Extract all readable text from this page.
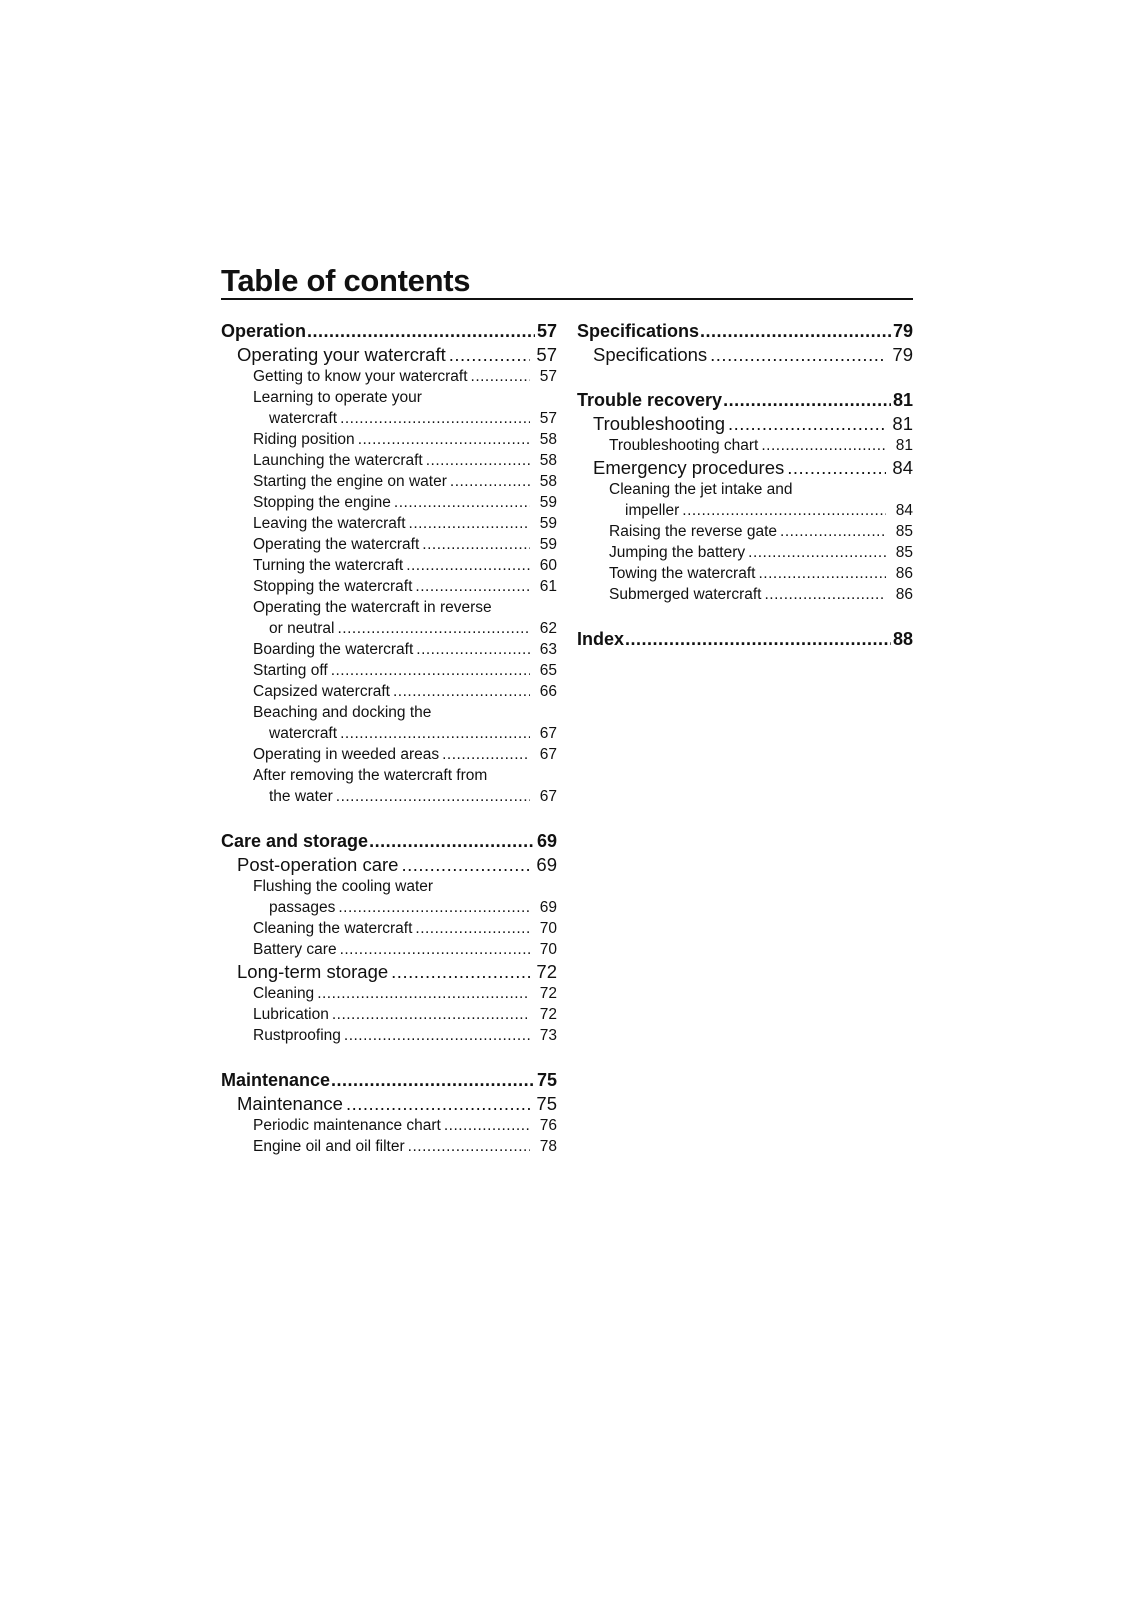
Table of contents
Operation .....	57
Operating your watercraft .....	57
Getting to know your watercraft .....	57
Learning to operate your
watercraft .....	57
Riding position .....	58
Launching the watercraft .....	58
Starting the engine on water .....	58
Stopping the engine .....	59
Leaving the watercraft .....	59
Operating the watercraft .....	59
Turning the watercraft .....	60
Stopping the watercraft .....	61
Operating the watercraft in reverse
or neutral .....	62
Boarding the watercraft .....	63
Starting off .....	65
Capsized watercraft .....	66
Beaching and docking the
watercraft .....	67
Operating in weeded areas .....	67
After removing the watercraft from
the water .....	67
Care and storage .....	69
Post-operation care .....	69
Flushing the cooling water
passages .....	69
Cleaning the watercraft .....	70
Battery care .....	70
Long-term storage .....	72
Cleaning .....	72
Lubrication .....	72
Rustproofing .....	73
Maintenance .....	75
Maintenance .....	75
Periodic maintenance chart .....	76
Engine oil and oil filter .....	78
Specifications .....	79
Specifications .....	79
Trouble recovery .....	81
Troubleshooting .....	81
Troubleshooting chart .....	81
Emergency procedures .....	84
Cleaning the jet intake and
impeller .....	84
Raising the reverse gate .....	85
Jumping the battery .....	85
Towing the watercraft .....	86
Submerged watercraft .....	86
Index .....	88
